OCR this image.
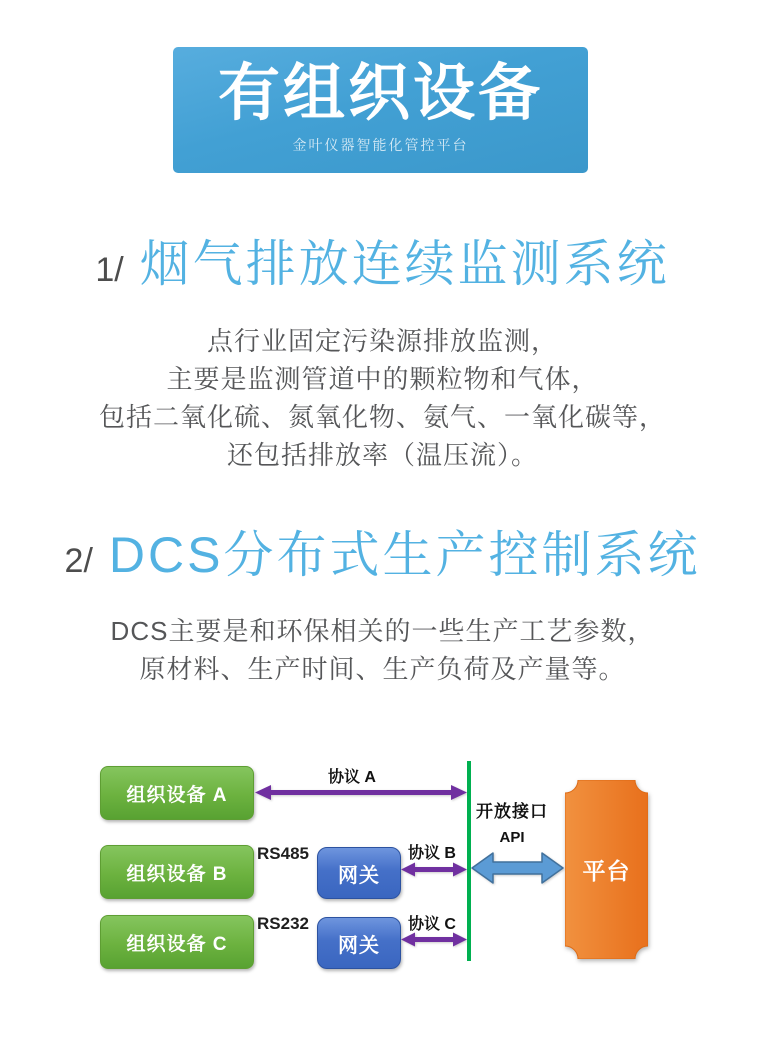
有组织设备
金叶仪器智能化管控平台
1/ 烟气排放连续监测系统
点行业固定污染源排放监测，
主要是监测管道中的颗粒物和气体，
包括二氧化硫、氮氧化物、氨气、一氧化碳等，
还包括排放率（温压流）。
2/ DCS分布式生产控制系统
DCS主要是和环保相关的一些生产工艺参数，
原材料、生产时间、生产负荷及产量等。
组织设备 A
组织设备 B
组织设备 C
RS485
RS232
网关
网关
协议 A
协议 B
协议 C
开放接口
API
平台
